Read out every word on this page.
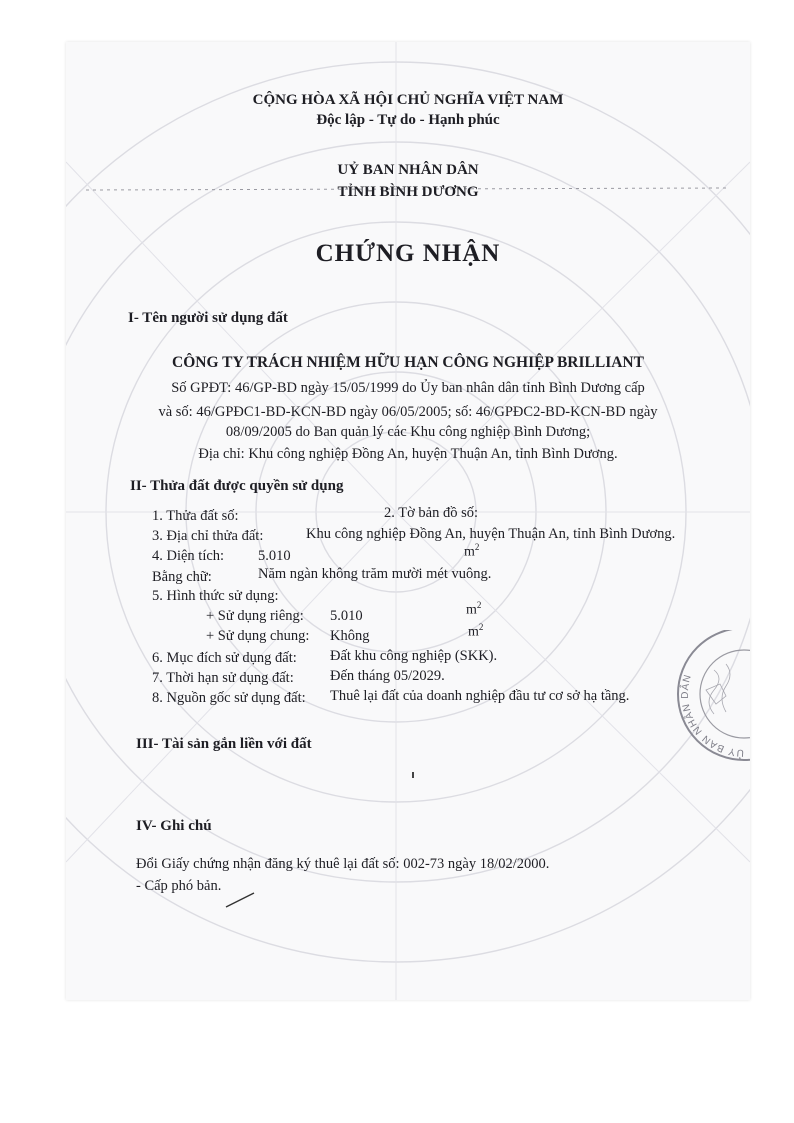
CỘNG HÒA XÃ HỘI CHỦ NGHĨA VIỆT NAM
Độc lập - Tự do - Hạnh phúc
UỶ BAN NHÂN DÂN
TỈNH BÌNH DƯƠNG
CHỨNG NHẬN
I- Tên người sử dụng đất
CÔNG TY TRÁCH NHIỆM HỮU HẠN CÔNG NGHIỆP BRILLIANT
Số GPĐT: 46/GP-BD ngày 15/05/1999 do Ủy ban nhân dân tỉnh Bình Dương cấp
và số: 46/GPĐC1-BD-KCN-BD ngày 06/05/2005; số: 46/GPĐC2-BD-KCN-BD ngày
08/09/2005 do Ban quản lý các Khu công nghiệp Bình Dương;
Địa chỉ: Khu công nghiệp Đồng An, huyện Thuận An, tỉnh Bình Dương.
II- Thửa đất được quyền sử dụng
1. Thửa đất số:	2. Tờ bản đồ số:
3. Địa chỉ thửa đất:	Khu công nghiệp Đồng An, huyện Thuận An, tỉnh Bình Dương.
4. Diện tích: 5.010	$m^2$
Bằng chữ:	Năm ngàn không trăm mười mét vuông.
5. Hình thức sử dụng:
+ Sử dụng riêng: 5.010	$m^2$
+ Sử dụng chung: Không	$m^2$
6. Mục đích sử dụng đất: Đất khu công nghiệp (SKK).
7. Thời hạn sử dụng đất:	Đến tháng 05/2029.
8. Nguồn gốc sử dụng đất: Thuê lại đất của doanh nghiệp đầu tư cơ sở hạ tầng.
III- Tài sản gắn liền với đất
IV- Ghi chú
Đổi Giấy chứng nhận đăng ký thuê lại đất số: 002-73 ngày 18/02/2000.
- Cấp phó bản.
ỦY BAN NHÂN DÂN
